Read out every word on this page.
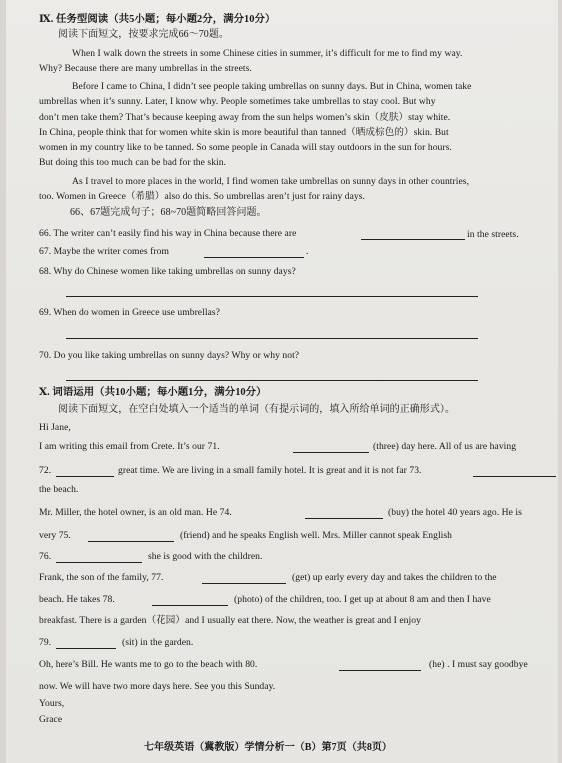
Ⅸ. 任务型阅读（共5小题；每小题2分，满分10分）
阅读下面短文，按要求完成66～70题。
When I walk down the streets in some Chinese cities in summer, it’s difficult for me to find my way.
Why? Because there are many umbrellas in the streets.
Before I came to China, I didn’t see people taking umbrellas on sunny days. But in China, women take
umbrellas when it’s sunny. Later, I know why. People sometimes take umbrellas to stay cool. But why
don’t men take them? That’s because keeping away from the sun helps women’s skin（皮肤）stay white.
In China, people think that for women white skin is more beautiful than tanned（晒成棕色的）skin. But
women in my country like to be tanned. So some people in Canada will stay outdoors in the sun for hours.
But doing this too much can be bad for the skin.
As I travel to more places in the world, I find women take umbrellas on sunny days in other countries,
too. Women in Greece（希腊）also do this. So umbrellas aren’t just for rainy days.
66、67题完成句子；68~70题简略回答问题。
66. The writer can’t easily find his way in China because there are	in the streets.
67. Maybe the writer comes from	.
68. Why do Chinese women like taking umbrellas on sunny days?
69. When do women in Greece use umbrellas?
70. Do you like taking umbrellas on sunny days? Why or why not?
Ⅹ. 词语运用（共10小题；每小题1分，满分10分）
阅读下面短文，在空白处填入一个适当的单词（有提示词的，填入所给单词的正确形式）。
Hi Jane,
I am writing this email from Crete. It’s our 71.	(three) day here. All of us are having
72.	great time. We are living in a small family hotel. It is great and it is not far 73.
the beach.
Mr. Miller, the hotel owner, is an old man. He 74.	(buy) the hotel 40 years ago. He is
very 75.	(friend) and he speaks English well. Mrs. Miller cannot speak English
76.	she is good with the children.
Frank, the son of the family, 77.	(get) up early every day and takes the children to the
beach. He takes 78.	(photo) of the children, too. I get up at about 8 am and then I have
breakfast. There is a garden（花园）and I usually eat there. Now, the weather is great and I enjoy
79.	(sit) in the garden.
Oh, here’s Bill. He wants me to go to the beach with 80.	(he) . I must say goodbye
now. We will have two more days here. See you this Sunday.
Yours,
Grace
七年级英语（冀教版）学情分析一（B）第7页（共8页）
